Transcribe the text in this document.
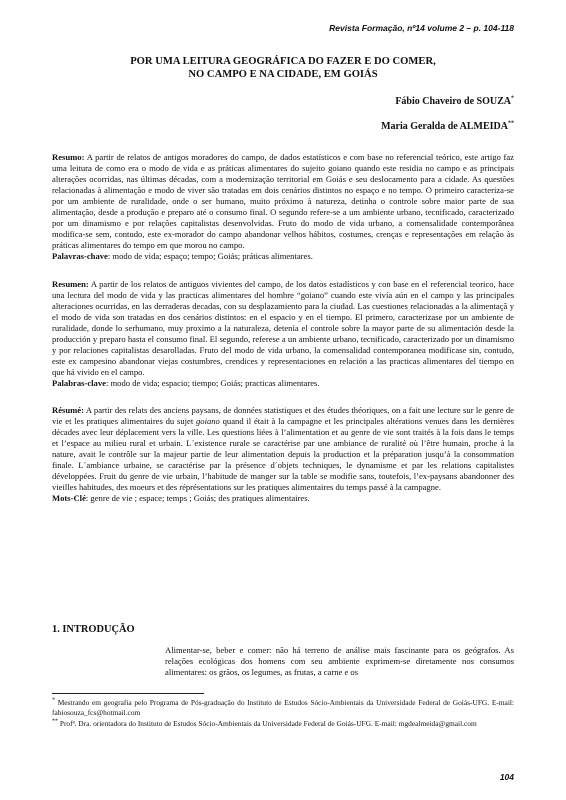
Revista Formação, nº14 volume 2 – p. 104-118
POR UMA LEITURA GEOGRÁFICA DO FAZER E DO COMER,
NO CAMPO E NA CIDADE, EM GOIÁS
Fábio Chaveiro de SOUZA*
Maria Geralda de ALMEIDA**

Resumo: A partir de relatos de antigos moradores do campo, de dados estatísticos e com base no referencial teórico, este artigo faz uma leitura de como era o modo de vida e as práticas alimentares do sujeito goiano quando este residia no campo e as principais alterações ocorridas, nas últimas décadas, com a modernização territorial em Goiás e seu deslocamento para a cidade. As questões relacionadas à alimentação e modo de viver são tratadas em dois cenários distintos no espaço e no tempo. O primeiro caracteriza-se por um ambiente de ruralidade, onde o ser humano, muito próximo à natureza, detinha o controle sobre maior parte de sua alimentação, desde a produção e preparo até o consumo final. O segundo refere-se a um ambiente urbano, tecnificado, caracterizado por um dinamismo e por relações capitalistas desenvolvidas. Fruto do modo de vida urbano, a comensalidade contemporânea modifica-se sem, contudo, este ex-morador do campo abandonar velhos hábitos, costumes, crenças e representações em relação às práticas alimentares do tempo em que morou no campo.

Palavras-chave: modo de vida; espaço; tempo; Goiás; práticas alimentares.

Resumen: A partir de los relatos de antiguos vivientes del campo, de los datos estadísticos y con base en el referencial teorico, hace una lectura del modo de vida y las practicas alimentares del hombre “goiano” cuando este vivía aún en el campo y las principales alteraciones ocurridas, en las derraderas decadas, con su desplazamiento para la ciudad. Las cuestiones relacionadas a la alimentaçã y el modo de vida son tratadas en dos cenários distintos: en el espacio y en el tiempo. El primero, caracterizase por un ambiente de ruralidade, donde lo serhumano, muy proximo a la naturaleza, detenía el controle sobre la mayor parte de su alimentación desde la producción y preparo hasta el consumo final. El segundo, referese a un ambiente urbano, tecnificado, caracterizado por un dinamismo y por relaciones capitalistas desarolladas. Fruto del modo de vida urbano, la comensalidad contemporanea modificase sin, contudo, este ex campesino abandonar viejas costumbres, crendices y representaciones en relación a las practicas alimentares del tiempo en que há vivido en el campo.

Palabras-clave: modo de vida; espacio; tiempo; Goiás; practicas alimentares.

Résumé: A partir des relats des anciens paysans, de données statistiques et des études théoriques, on a fait une lecture sur le genre de vie et les pratiques alimentaires du sujet goiano quand il était à la campagne et les principales altérations venues dans les dernières décades avec leur déplacement vers la ville. Les questions liées à l’alimentation et au genre de vie sont traités à la fois dans le temps et l’espace au milieu rural et urbain. L´existence rurale se caractérise par une ambiance de ruralité où l’être humain, proche à la nature, avait le contrôle sur la majeur partie de leur alimentation depuis la production et la préparation jusqu’à la consommation finale. L´ambiance urbaine, se caractérise par la présence d´objets techniques, le dynamisme et par les relations capitalistes développées. Fruit du genre de vie urbain, l’habitude de manger sur la table se modifie sans, toutefois, l’ex-paysans abandonner des vieilles habitudes, des moeurs et des réprésentations sur les pratiques alimentaires du temps passé à la campagne.

Mots-Clé: genre de vie ; espace; temps ; Goiás; des pratiques alimentaires.

1. INTRODUÇÃO

Alimentar-se, beber e comer: não há terreno de análise mais fascinante para os geógrafos. As relações ecológicas dos homens com seu ambiente exprimem-se diretamente nos consumos alimentares: os grãos, os legumes, as frutas, a carne e os

* Mestrando em geografia pelo Programa de Pós-graduação do Instituto de Estudos Sócio-Ambientais da Universidade Federal de Goiás-UFG. E-mail: fabiosouza_fcs@hotmail.com

** Profª. Dra. orientadora do Instituto de Estudos Sócio-Ambientais da Universidade Federal de Goiás-UFG. E-mail: mgdealmeida@gmail.com

104
